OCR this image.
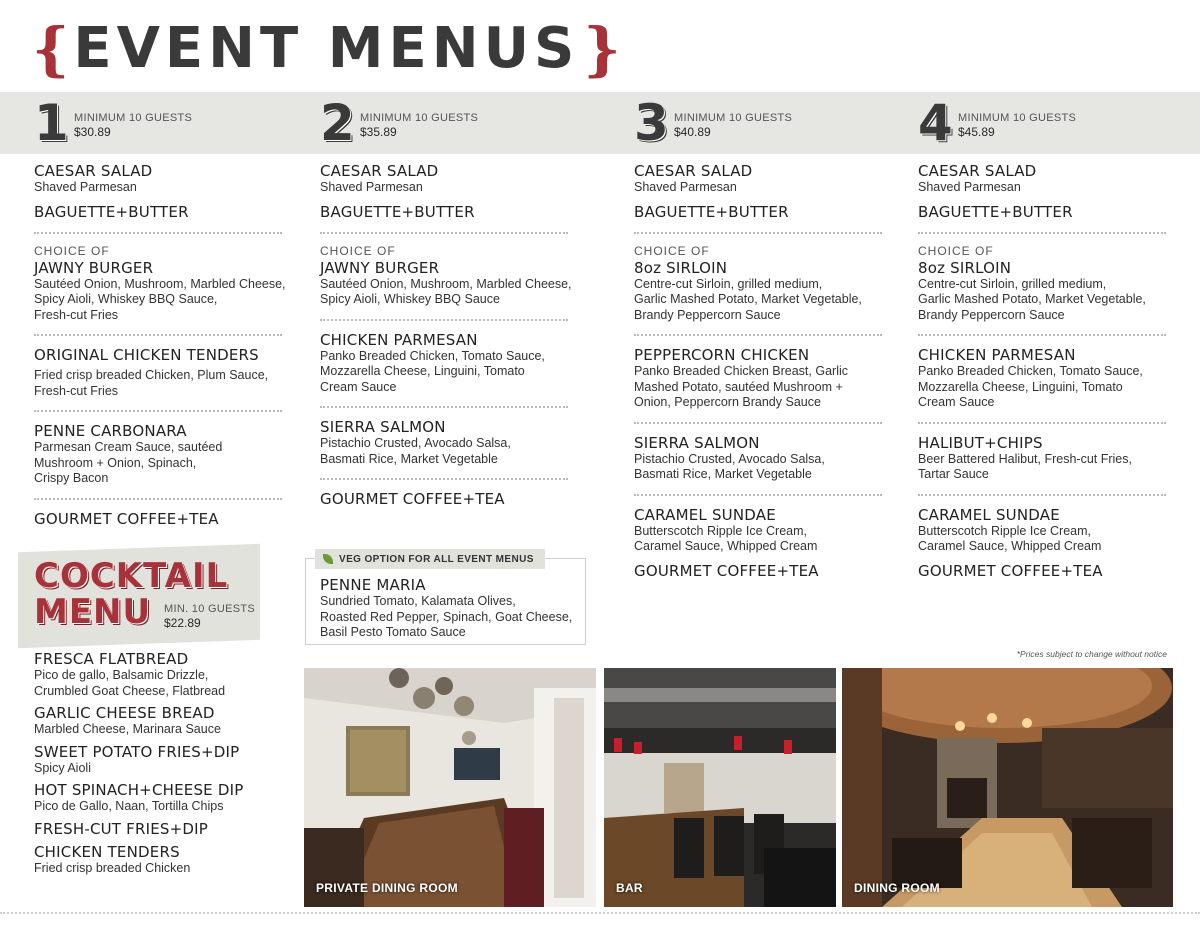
{ EVENT MENUS }
1 MINIMUM 10 GUESTS
$30.89
CAESAR SALAD
Shaved Parmesan
BAGUETTE+BUTTER
CHOICE OF
JAWNY BURGER
Sautéed Onion, Mushroom, Marbled Cheese,
Spicy Aioli, Whiskey BBQ Sauce,
Fresh-cut Fries
ORIGINAL CHICKEN TENDERS
Fried crisp breaded Chicken, Plum Sauce,
Fresh-cut Fries
PENNE CARBONARA
Parmesan Cream Sauce, sautéed
Mushroom + Onion, Spinach,
Crispy Bacon
GOURMET COFFEE+TEA
2 MINIMUM 10 GUESTS
$35.89
CAESAR SALAD
Shaved Parmesan
BAGUETTE+BUTTER
CHOICE OF
JAWNY BURGER
Sautéed Onion, Mushroom, Marbled Cheese,
Spicy Aioli, Whiskey BBQ Sauce
CHICKEN PARMESAN
Panko Breaded Chicken, Tomato Sauce,
Mozzarella Cheese, Linguini, Tomato
Cream Sauce
SIERRA SALMON
Pistachio Crusted, Avocado Salsa,
Basmati Rice, Market Vegetable
GOURMET COFFEE+TEA
3 MINIMUM 10 GUESTS
$40.89
CAESAR SALAD
Shaved Parmesan
BAGUETTE+BUTTER
CHOICE OF
8oz SIRLOIN
Centre-cut Sirloin, grilled medium,
Garlic Mashed Potato, Market Vegetable,
Brandy Peppercorn Sauce
PEPPERCORN CHICKEN
Panko Breaded Chicken Breast, Garlic
Mashed Potato, sautéed Mushroom +
Onion, Peppercorn Brandy Sauce
SIERRA SALMON
Pistachio Crusted, Avocado Salsa,
Basmati Rice, Market Vegetable
CARAMEL SUNDAE
Butterscotch Ripple Ice Cream,
Caramel Sauce, Whipped Cream
GOURMET COFFEE+TEA
4 MINIMUM 10 GUESTS
$45.89
CAESAR SALAD
Shaved Parmesan
BAGUETTE+BUTTER
CHOICE OF
8oz SIRLOIN
Centre-cut Sirloin, grilled medium,
Garlic Mashed Potato, Market Vegetable,
Brandy Peppercorn Sauce
CHICKEN PARMESAN
Panko Breaded Chicken, Tomato Sauce,
Mozzarella Cheese, Linguini, Tomato
Cream Sauce
HALIBUT+CHIPS
Beer Battered Halibut, Fresh-cut Fries,
Tartar Sauce
CARAMEL SUNDAE
Butterscotch Ripple Ice Cream,
Caramel Sauce, Whipped Cream
GOURMET COFFEE+TEA
VEG OPTION FOR ALL EVENT MENUS
PENNE MARIA
Sundried Tomato, Kalamata Olives,
Roasted Red Pepper, Spinach, Goat Cheese,
Basil Pesto Tomato Sauce
COCKTAIL
MENU	MIN. 10 GUESTS
$22.89
FRESCA FLATBREAD
Pico de gallo, Balsamic Drizzle,
Crumbled Goat Cheese, Flatbread
GARLIC CHEESE BREAD
Marbled Cheese, Marinara Sauce
SWEET POTATO FRIES+DIP
Spicy Aioli
HOT SPINACH+CHEESE DIP
Pico de Gallo, Naan, Tortilla Chips
FRESH-CUT FRIES+DIP
CHICKEN TENDERS
Fried crisp breaded Chicken
*Prices subject to change without notice
PRIVATE DINING ROOM	BAR	DINING ROOM
